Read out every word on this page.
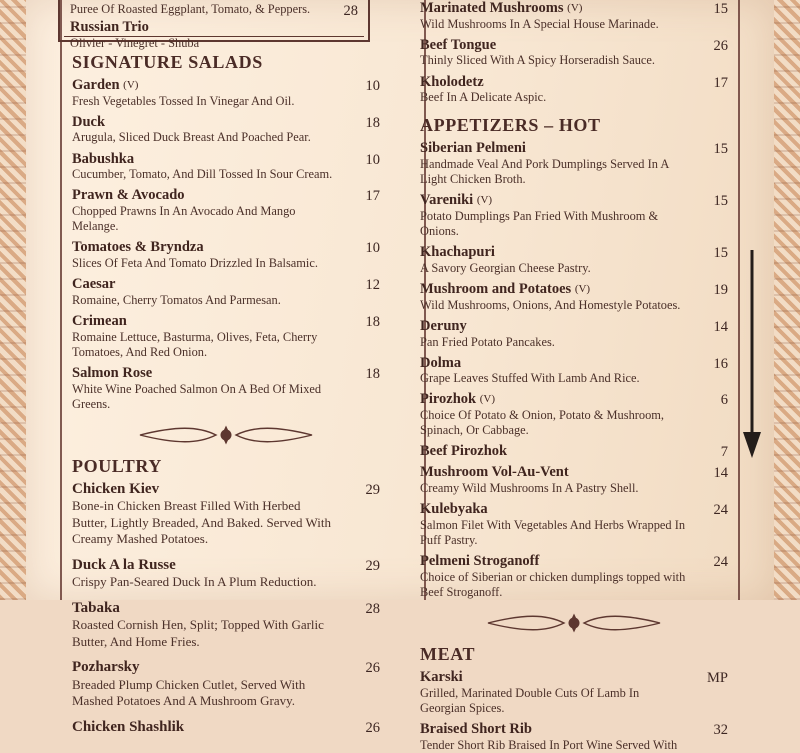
Puree Of Roasted Eggplant, Tomato, & Peppers.
Russian Trio
Olivier - Vinegret - Shuba
28
SIGNATURE SALADS
Garden (V)
Fresh Vegetables Tossed In Vinegar And Oil.
10
Duck
Arugula, Sliced Duck Breast And Poached Pear.
18
Babushka
Cucumber, Tomato, And Dill Tossed In Sour Cream.
10
Prawn & Avocado
Chopped Prawns In An Avocado And Mango Melange.
17
Tomatoes & Bryndza
Slices Of Feta And Tomato Drizzled In Balsamic.
10
Caesar
Romaine, Cherry Tomatos And Parmesan.
12
Crimean
Romaine Lettuce, Basturma, Olives, Feta, Cherry Tomatoes, And Red Onion.
18
Salmon Rose
White Wine Poached Salmon On A Bed Of Mixed Greens.
18
POULTRY
Chicken Kiev
Bone-in Chicken Breast Filled With Herbed Butter, Lightly Breaded, And Baked. Served With Creamy Mashed Potatoes.
29
Duck A la Russe
Crispy Pan-Seared Duck In A Plum Reduction.
29
Tabaka
Roasted Cornish Hen, Split; Topped With Garlic Butter, And Home Fries.
28
Pozharsky
Breaded Plump Chicken Cutlet, Served With Mashed Potatoes And A Mushroom Gravy.
26
Chicken Shashlik	26
Marinated Mushrooms (V)
Wild Mushrooms In A Special House Marinade.
15
Beef Tongue
Thinly Sliced With A Spicy Horseradish Sauce.
26
Kholodetz
Beef In A Delicate Aspic.
17
APPETIZERS – HOT
Siberian Pelmeni
Handmade Veal And Pork Dumplings Served In A Light Chicken Broth.
15
Vareniki (V)
Potato Dumplings Pan Fried With Mushroom & Onions.
15
Khachapuri
A Savory Georgian Cheese Pastry.
15
Mushroom and Potatoes (V)
Wild Mushrooms, Onions, And Homestyle Potatoes.
19
Deruny
Pan Fried Potato Pancakes.
14
Dolma
Grape Leaves Stuffed With Lamb And Rice.
16
Pirozhok (V)
Choice Of Potato & Onion, Potato & Mushroom, Spinach, Or Cabbage.
6
Beef Pirozhok	7
Mushroom Vol-Au-Vent
Creamy Wild Mushrooms In A Pastry Shell.
14
Kulebyaka
Salmon Filet With Vegetables And Herbs Wrapped In Puff Pastry.
24
Pelmeni Stroganoff
Choice of Siberian or chicken dumplings topped with Beef Stroganoff.
24
MEAT
Karski
Grilled, Marinated Double Cuts Of Lamb In Georgian Spices.
MP
Braised Short Rib
Tender Short Rib Braised In Port Wine Served With
32
